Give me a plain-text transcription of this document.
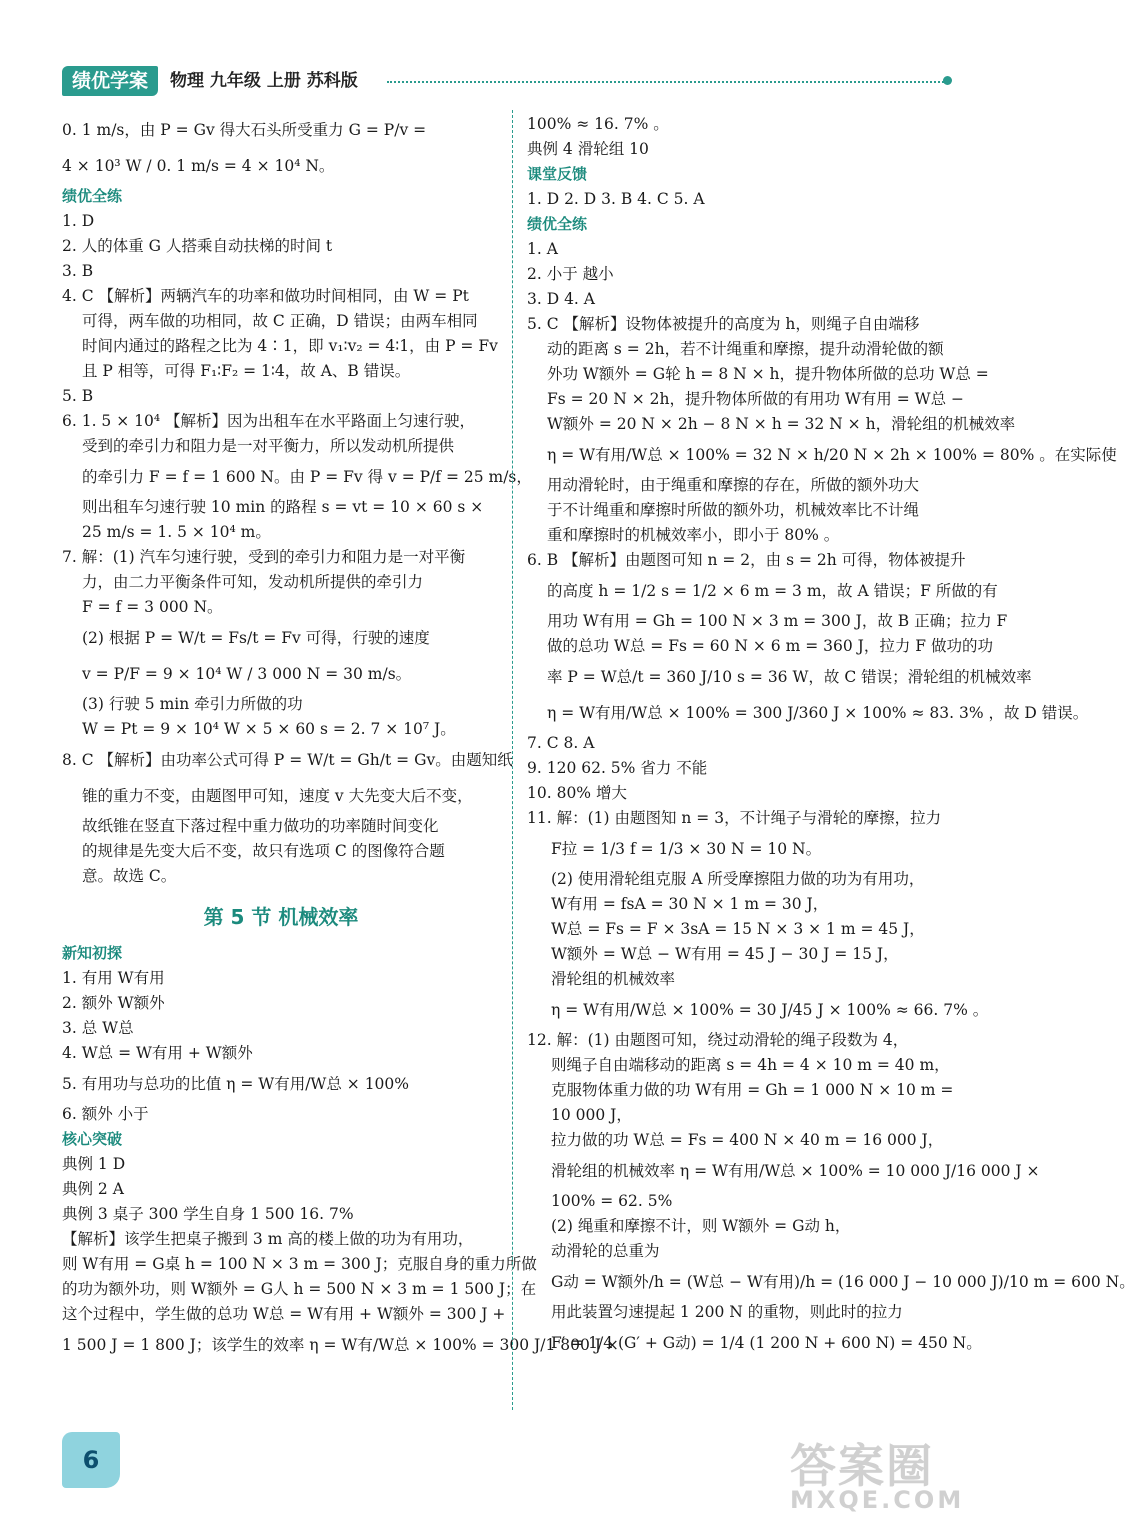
绩优学案	物理 九年级 上册 苏科版
0. 1 m/s，由 P = Gv 得大石头所受重力 G = P/v =
4 × 10³ W / 0. 1 m/s = 4 × 10⁴ N。
绩优全练
1. D
2. 人的体重 G 人搭乘自动扶梯的时间 t
3. B
4. C 【解析】两辆汽车的功率和做功时间相同，由 W = Pt
可得，两车做的功相同，故 C 正确，D 错误；由两车相同
时间内通过的路程之比为 4∶1，即 v₁∶v₂ = 4∶1，由 P = Fv
且 P 相等，可得 F₁∶F₂ = 1∶4，故 A、B 错误。
5. B
6. 1. 5 × 10⁴ 【解析】因为出租车在水平路面上匀速行驶，
受到的牵引力和阻力是一对平衡力，所以发动机所提供
的牵引力 F = f = 1 600 N。由 P = Fv 得 v = P/f = 25 m/s，
则出租车匀速行驶 10 min 的路程 s = vt = 10 × 60 s ×
25 m/s = 1. 5 × 10⁴ m。
7. 解：(1) 汽车匀速行驶，受到的牵引力和阻力是一对平衡
力，由二力平衡条件可知，发动机所提供的牵引力
F = f = 3 000 N。
(2) 根据 P = W/t = Fs/t = Fv 可得，行驶的速度
v = P/F = 9 × 10⁴ W / 3 000 N = 30 m/s。
(3) 行驶 5 min 牵引力所做的功
W = Pt = 9 × 10⁴ W × 5 × 60 s = 2. 7 × 10⁷ J。
8. C 【解析】由功率公式可得 P = W/t = Gh/t = Gv。由题知纸
锥的重力不变，由题图甲可知，速度 v 大先变大后不变，
故纸锥在竖直下落过程中重力做功的功率随时间变化
的规律是先变大后不变，故只有选项 C 的图像符合题
意。故选 C。
第 5 节 机械效率
新知初探
1. 有用 W有用
2. 额外 W额外
3. 总 W总
4. W总 = W有用 + W额外
5. 有用功与总功的比值 η = W有用/W总 × 100%
6. 额外 小于
核心突破
典例 1 D
典例 2 A
典例 3 桌子 300 学生自身 1 500 16. 7%
【解析】该学生把桌子搬到 3 m 高的楼上做的功为有用功，
则 W有用 = G桌 h = 100 N × 3 m = 300 J；克服自身的重力所做
的功为额外功，则 W额外 = G人 h = 500 N × 3 m = 1 500 J；在
这个过程中，学生做的总功 W总 = W有用 + W额外 = 300 J +
1 500 J = 1 800 J；该学生的效率 η = W有/W总 × 100% = 300 J/1 800 J ×
100% ≈ 16. 7% 。
典例 4 滑轮组 10
课堂反馈
1. D 2. D 3. B 4. C 5. A
绩优全练
1. A
2. 小于 越小
3. D 4. A
5. C 【解析】设物体被提升的高度为 h，则绳子自由端移
动的距离 s = 2h，若不计绳重和摩擦，提升动滑轮做的额
外功 W额外 = G轮 h = 8 N × h，提升物体所做的总功 W总 =
Fs = 20 N × 2h，提升物体所做的有用功 W有用 = W总 −
W额外 = 20 N × 2h − 8 N × h = 32 N × h，滑轮组的机械效率
η = W有用/W总 × 100% = 32 N × h/20 N × 2h × 100% = 80% 。在实际使
用动滑轮时，由于绳重和摩擦的存在，所做的额外功大
于不计绳重和摩擦时所做的额外功，机械效率比不计绳
重和摩擦时的机械效率小，即小于 80% 。
6. B 【解析】由题图可知 n = 2，由 s = 2h 可得，物体被提升
的高度 h = 1/2 s = 1/2 × 6 m = 3 m，故 A 错误；F 所做的有
用功 W有用 = Gh = 100 N × 3 m = 300 J，故 B 正确；拉力 F
做的总功 W总 = Fs = 60 N × 6 m = 360 J，拉力 F 做功的功
率 P = W总/t = 360 J/10 s = 36 W，故 C 错误；滑轮组的机械效率
η = W有用/W总 × 100% = 300 J/360 J × 100% ≈ 83. 3% ，故 D 错误。
7. C 8. A
9. 120 62. 5% 省力 不能
10. 80% 增大
11. 解：(1) 由题图知 n = 3，不计绳子与滑轮的摩擦，拉力
F拉 = 1/3 f = 1/3 × 30 N = 10 N。
(2) 使用滑轮组克服 A 所受摩擦阻力做的功为有用功，
W有用 = fsA = 30 N × 1 m = 30 J，
W总 = Fs = F × 3sA = 15 N × 3 × 1 m = 45 J，
W额外 = W总 − W有用 = 45 J − 30 J = 15 J，
滑轮组的机械效率
η = W有用/W总 × 100% = 30 J/45 J × 100% ≈ 66. 7% 。
12. 解：(1) 由题图可知，绕过动滑轮的绳子段数为 4，
则绳子自由端移动的距离 s = 4h = 4 × 10 m = 40 m，
克服物体重力做的功 W有用 = Gh = 1 000 N × 10 m =
10 000 J，
拉力做的功 W总 = Fs = 400 N × 40 m = 16 000 J，
滑轮组的机械效率 η = W有用/W总 × 100% = 10 000 J/16 000 J ×
100% = 62. 5%
(2) 绳重和摩擦不计，则 W额外 = G动 h，
动滑轮的总重为
G动 = W额外/h = (W总 − W有用)/h = (16 000 J − 10 000 J)/10 m = 600 N。
用此装置匀速提起 1 200 N 的重物，则此时的拉力
F′ = 1/4 (G′ + G动) = 1/4 (1 200 N + 600 N) = 450 N。
6	答案圈
MXQE.COM
